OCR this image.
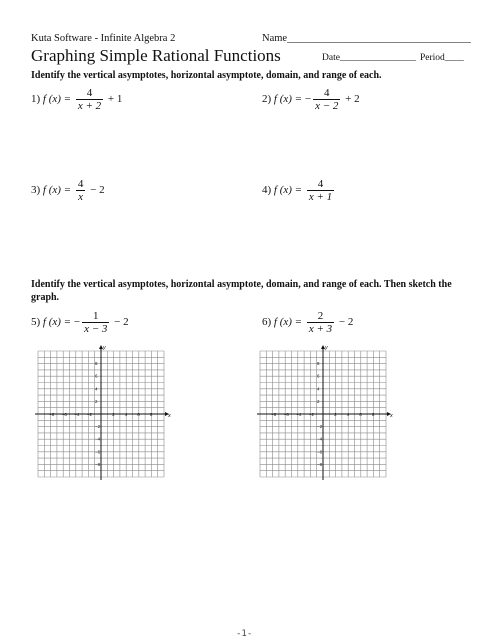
Kuta Software - Infinite Algebra 2	Name___________________________________
Graphing Simple Rational Functions	Date________________ Period____
Identify the vertical asymptotes, horizontal asymptote, domain, and range of each.
1) f $(x) = \frac{4}{x + 2} + 1$	2) f (x) = − $\frac{4}{x - 2} + 2$
3) f $(x) = \frac{4}{x} - 2$	4) f $(x) = \frac{4}{x + 1}$
Identify the vertical asymptotes, horizontal asymptote, domain, and range of each. Then sketch the graph.
5) f (x) = − $\frac{1}{x - 3} - 2$	6) f $(x) = \frac{2}{x + 3} - 2$
x
y
−8 −6 −4 −2	2 4 6 8
8
6
4
2
−2
−4
−6
−8
x
y
−8 −6 −4 −2	2 4 6 8
8
6
4
2
−2
−4
−6
−8
-1-
